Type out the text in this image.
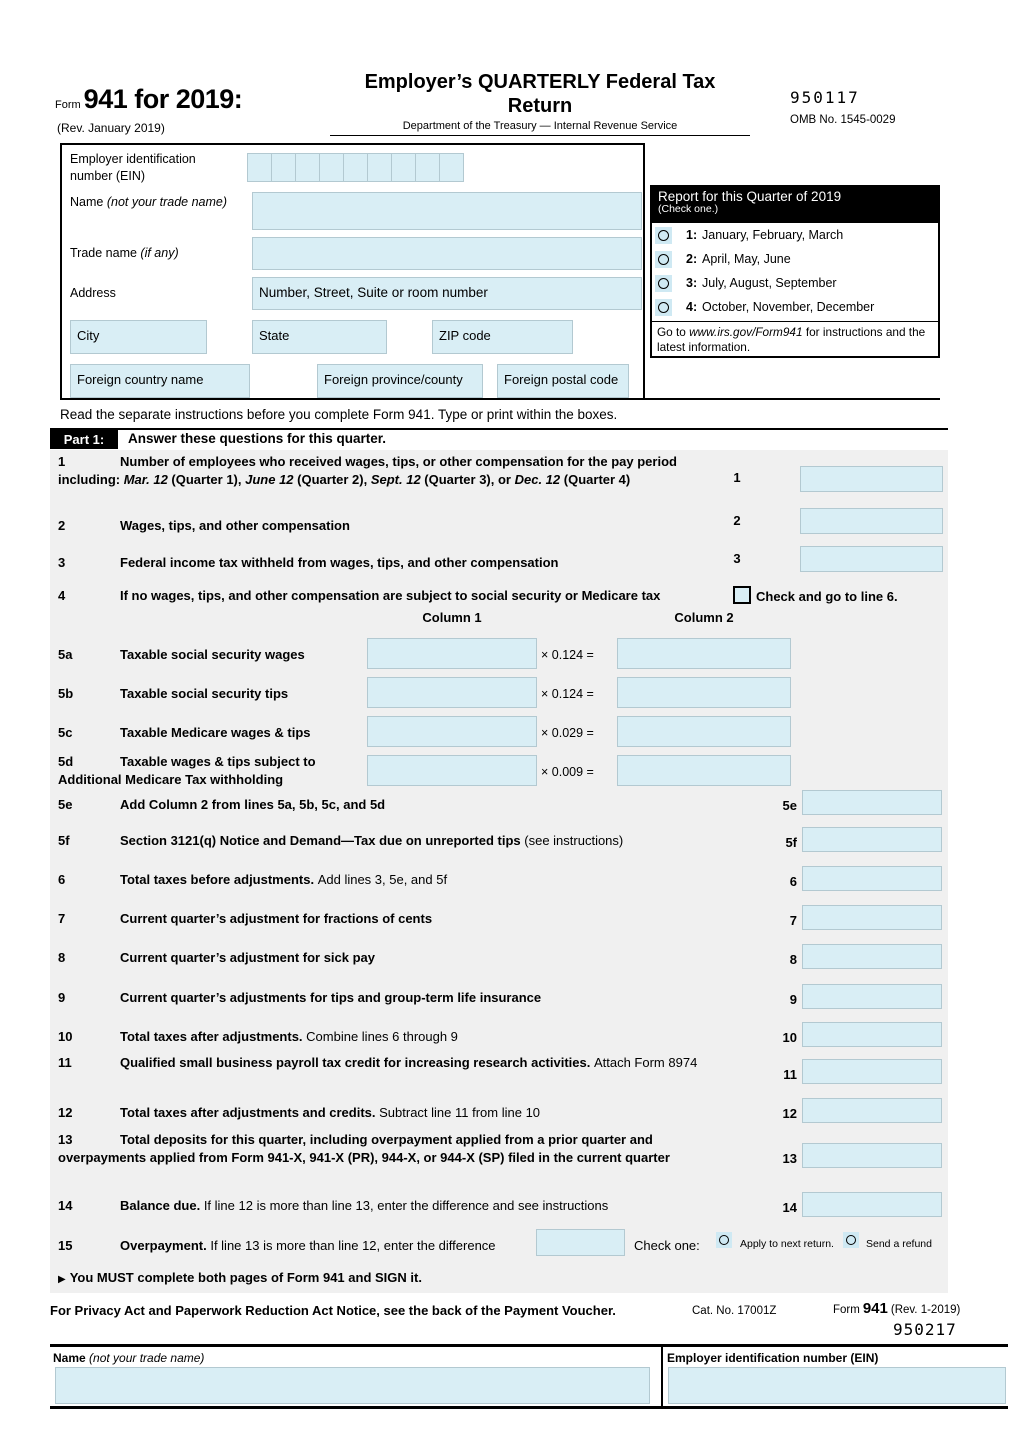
Form 941 for 2019:
(Rev. January 2019)
Employer’s QUARTERLY Federal Tax Return
Department of the Treasury — Internal Revenue Service
950117
OMB No. 1545-0029
Employer identification number (EIN)
Name (not your trade name)
Trade name (if any)
Address	Number, Street, Suite or room number
City	State	ZIP code
Foreign country name	Foreign province/county	Foreign postal code
Report for this Quarter of 2019
(Check one.)
1: January, February, March
2: April, May, June
3: July, August, September
4: October, November, December
Go to www.irs.gov/Form941 for instructions and the latest information.
Read the separate instructions before you complete Form 941. Type or print within the boxes.
Part 1:	Answer these questions for this quarter.
1	Number of employees who received wages, tips, or other compensation for the pay period including: Mar. 12 (Quarter 1), June 12 (Quarter 2), Sept. 12 (Quarter 3), or Dec. 12 (Quarter 4)	1
2	Wages, tips, and other compensation	2
3	Federal income tax withheld from wages, tips, and other compensation	3
4	If no wages, tips, and other compensation are subject to social security or Medicare tax	Check and go to line 6.
Column 1	Column 2
5a	Taxable social security wages	× 0.124 =
5b	Taxable social security tips	× 0.124 =
5c	Taxable Medicare wages & tips	× 0.029 =
5d	Taxable wages & tips subject to Additional Medicare Tax withholding	× 0.009 =
5e	Add Column 2 from lines 5a, 5b, 5c, and 5d	5e
5f	Section 3121(q) Notice and Demand—Tax due on unreported tips (see instructions)	5f
6	Total taxes before adjustments. Add lines 3, 5e, and 5f	6
7	Current quarter’s adjustment for fractions of cents	7
8	Current quarter’s adjustment for sick pay	8
9	Current quarter’s adjustments for tips and group-term life insurance	9
10	Total taxes after adjustments. Combine lines 6 through 9	10
11	Qualified small business payroll tax credit for increasing research activities. Attach Form 8974
11
12	Total taxes after adjustments and credits. Subtract line 11 from line 10	12
13	Total deposits for this quarter, including overpayment applied from a prior quarter and overpayments applied from Form 941-X, 941-X (PR), 944-X, or 944-X (SP) filed in the current quarter	13
14	Balance due. If line 12 is more than line 13, enter the difference and see instructions	14
15	Overpayment. If line 13 is more than line 12, enter the difference	Check one:	Apply to next return.	Send a refund
▶ You MUST complete both pages of Form 941 and SIGN it.
For Privacy Act and Paperwork Reduction Act Notice, see the back of the Payment Voucher.	Cat. No. 17001Z	Form 941 (Rev. 1-2019)
950217
Name (not your trade name)	Employer identification number (EIN)
